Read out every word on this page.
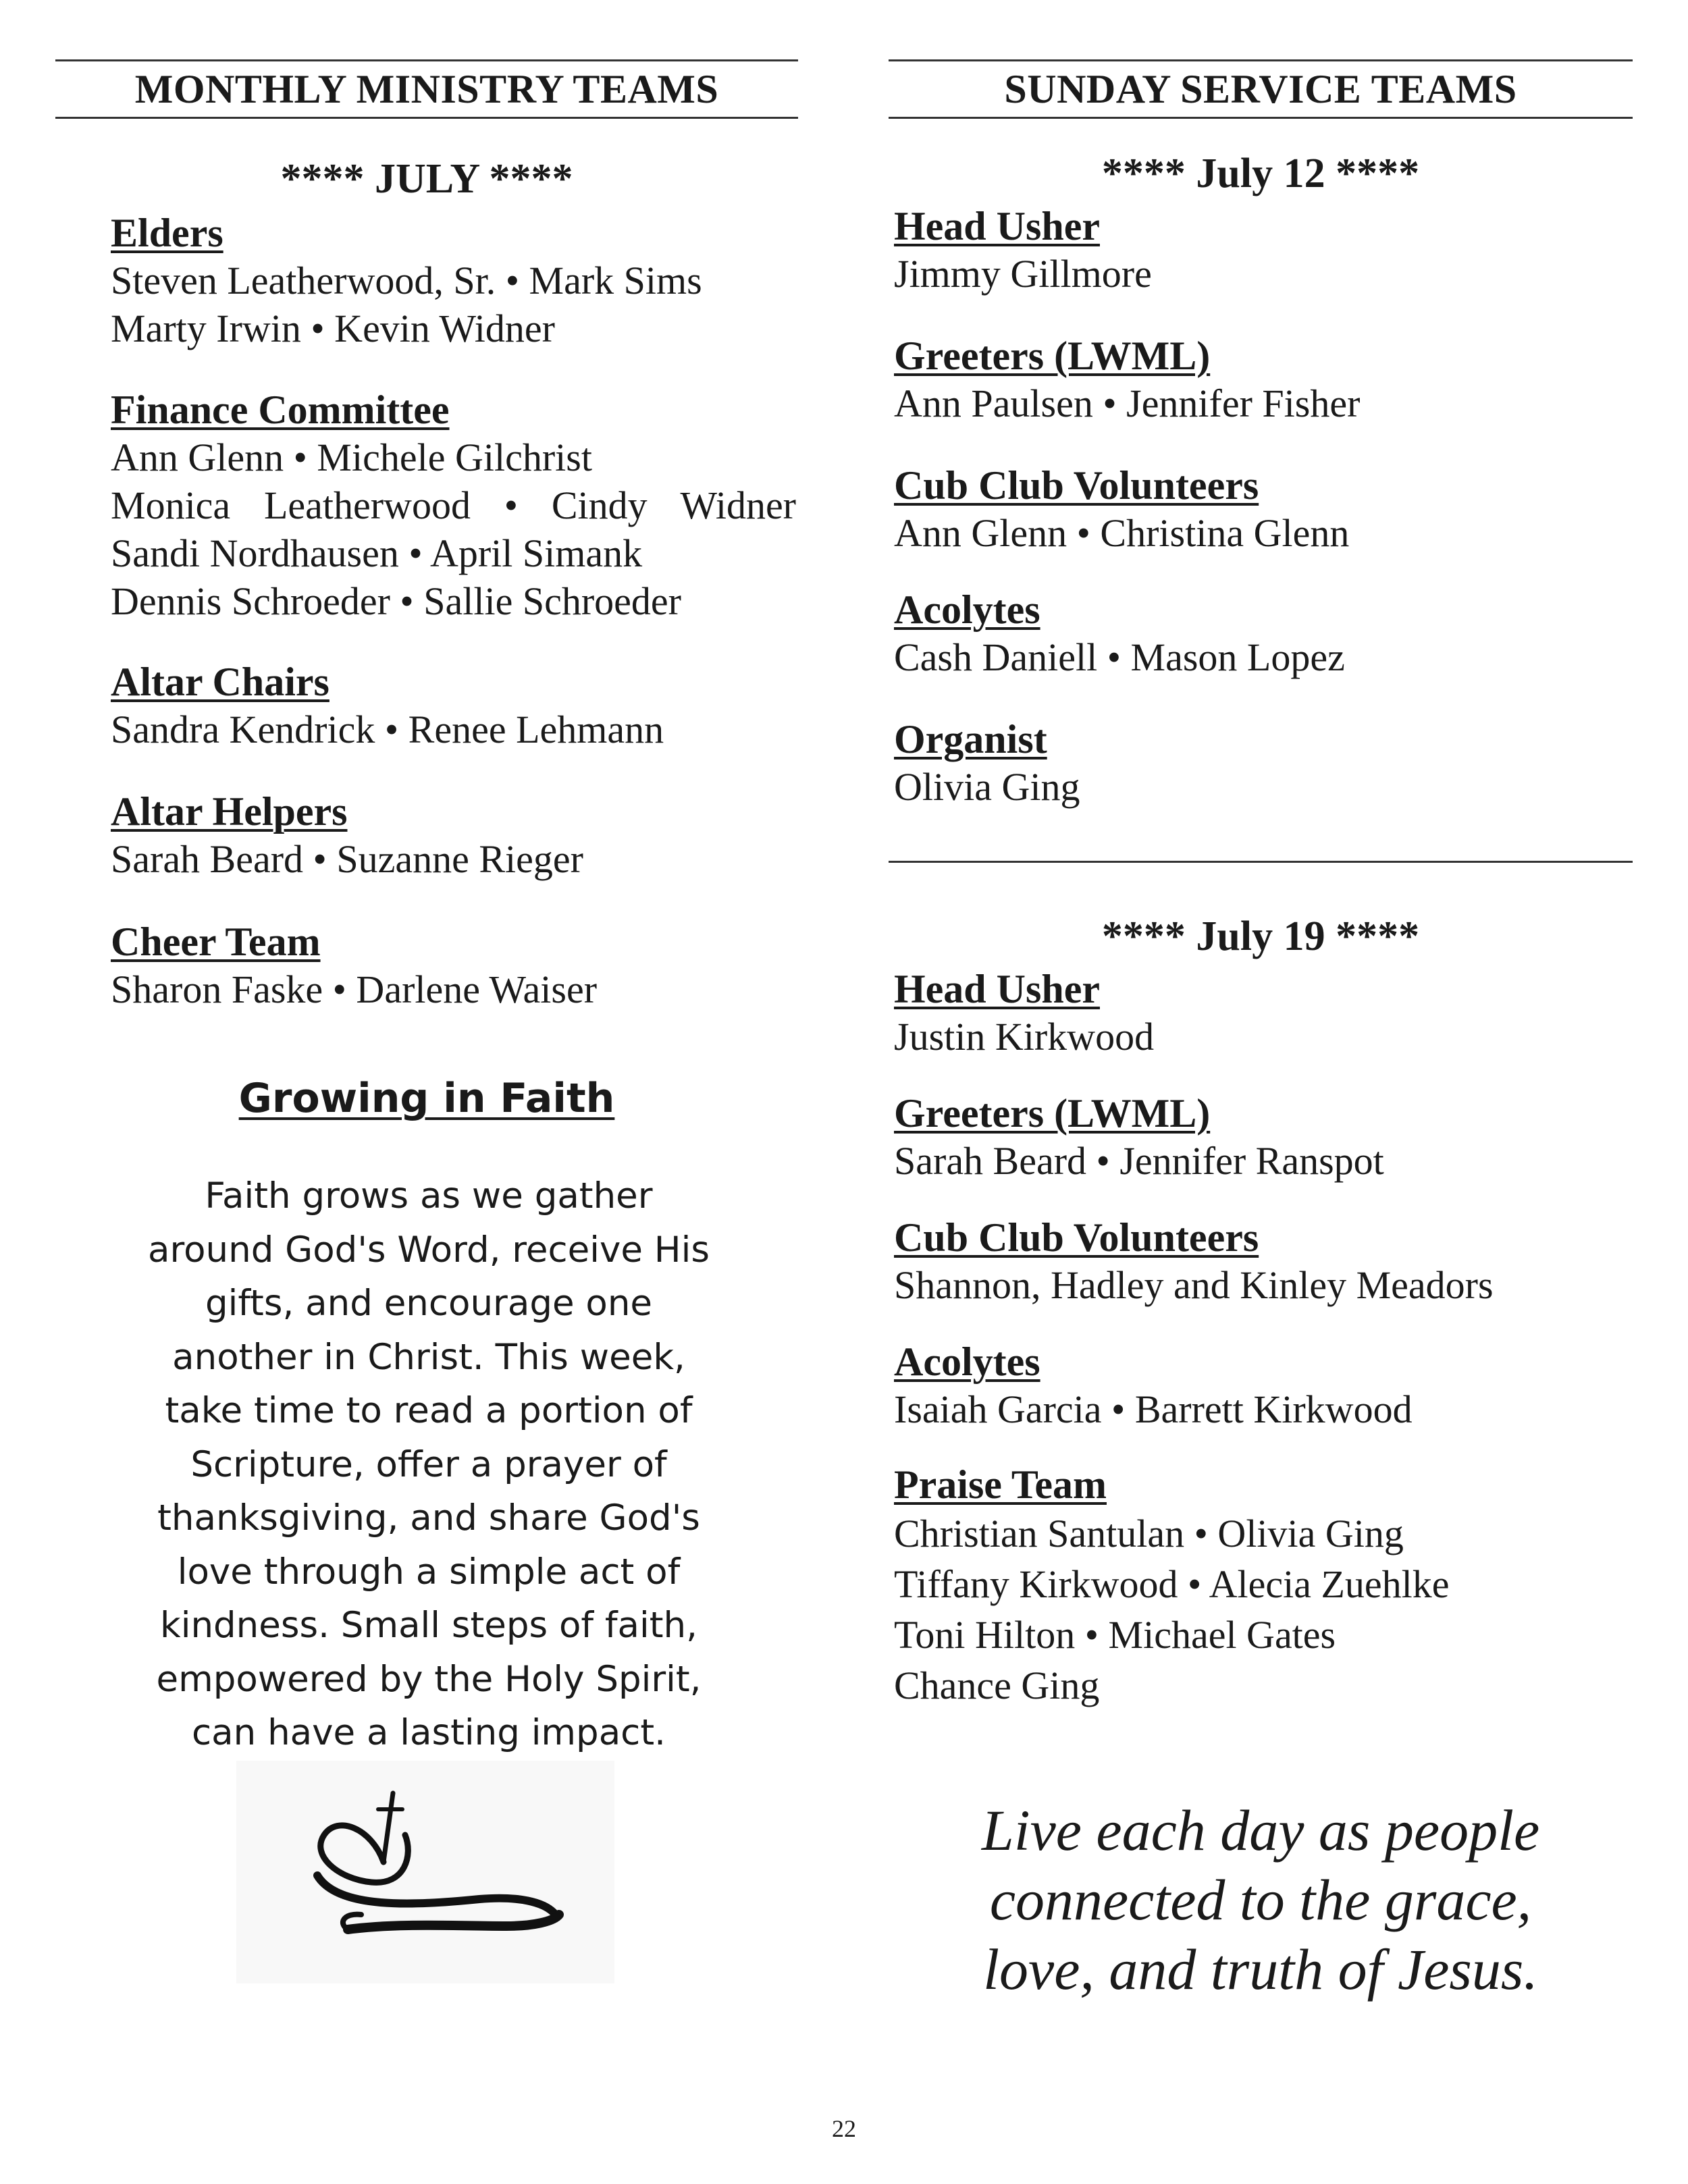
MONTHLY MINISTRY TEAMS
**** JULY ****
Elders
Steven Leatherwood, Sr. • Mark Sims
Marty Irwin • Kevin Widner
Finance Committee
Ann Glenn • Michele Gilchrist
Monica Leatherwood • Cindy Widner
Sandi Nordhausen • April Simank
Dennis Schroeder • Sallie Schroeder
Altar Chairs
Sandra Kendrick • Renee Lehmann
Altar Helpers
Sarah Beard • Suzanne Rieger
Cheer Team
Sharon Faske • Darlene Waiser
Growing in Faith
Faith grows as we gather
around God's Word, receive His
gifts, and encourage one
another in Christ. This week,
take time to read a portion of
Scripture, offer a prayer of
thanksgiving, and share God's
love through a simple act of
kindness. Small steps of faith,
empowered by the Holy Spirit,
can have a lasting impact.
SUNDAY SERVICE TEAMS
**** July 12 ****
Head Usher
Jimmy Gillmore
Greeters (LWML)
Ann Paulsen • Jennifer Fisher
Cub Club Volunteers
Ann Glenn • Christina Glenn
Acolytes
Cash Daniell • Mason Lopez
Organist
Olivia Ging
**** July 19 ****
Head Usher
Justin Kirkwood
Greeters (LWML)
Sarah Beard • Jennifer Ranspot
Cub Club Volunteers
Shannon, Hadley and Kinley Meadors
Acolytes
Isaiah Garcia • Barrett Kirkwood
Praise Team
Christian Santulan • Olivia Ging
Tiffany Kirkwood • Alecia Zuehlke
Toni Hilton • Michael Gates
Chance Ging
Live each day as people
connected to the grace,
love, and truth of Jesus.
22
